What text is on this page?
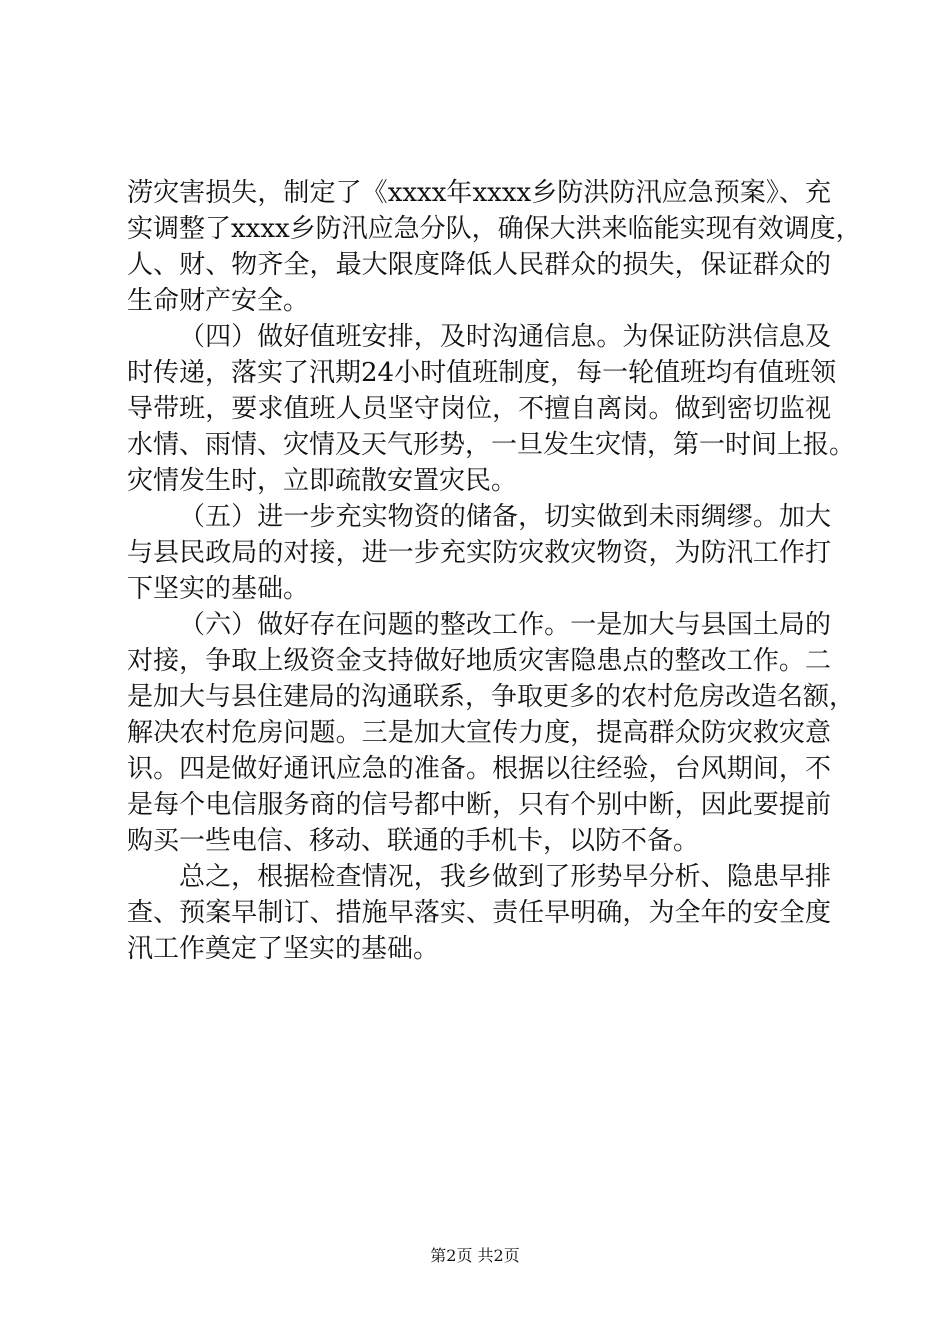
涝灾害损失，制定了《xxxx年xxxx乡防洪防汛应急预案》、充
实调整了xxxx乡防汛应急分队，确保大洪来临能实现有效调度，
人、财、物齐全，最大限度降低人民群众的损失，保证群众的
生命财产安全。
（四）做好值班安排，及时沟通信息。为保证防洪信息及
时传递，落实了汛期24小时值班制度，每一轮值班均有值班领
导带班，要求值班人员坚守岗位，不擅自离岗。做到密切监视
水情、雨情、灾情及天气形势，一旦发生灾情，第一时间上报。
灾情发生时，立即疏散安置灾民。
（五）进一步充实物资的储备，切实做到未雨绸缪。加大
与县民政局的对接，进一步充实防灾救灾物资，为防汛工作打
下坚实的基础。
（六）做好存在问题的整改工作。一是加大与县国土局的
对接，争取上级资金支持做好地质灾害隐患点的整改工作。二
是加大与县住建局的沟通联系，争取更多的农村危房改造名额，
解决农村危房问题。三是加大宣传力度，提高群众防灾救灾意
识。四是做好通讯应急的准备。根据以往经验，台风期间，不
是每个电信服务商的信号都中断，只有个别中断，因此要提前
购买一些电信、移动、联通的手机卡，以防不备。
总之，根据检查情况，我乡做到了形势早分析、隐患早排
查、预案早制订、措施早落实、责任早明确，为全年的安全度
汛工作奠定了坚实的基础。
第2页 共2页
